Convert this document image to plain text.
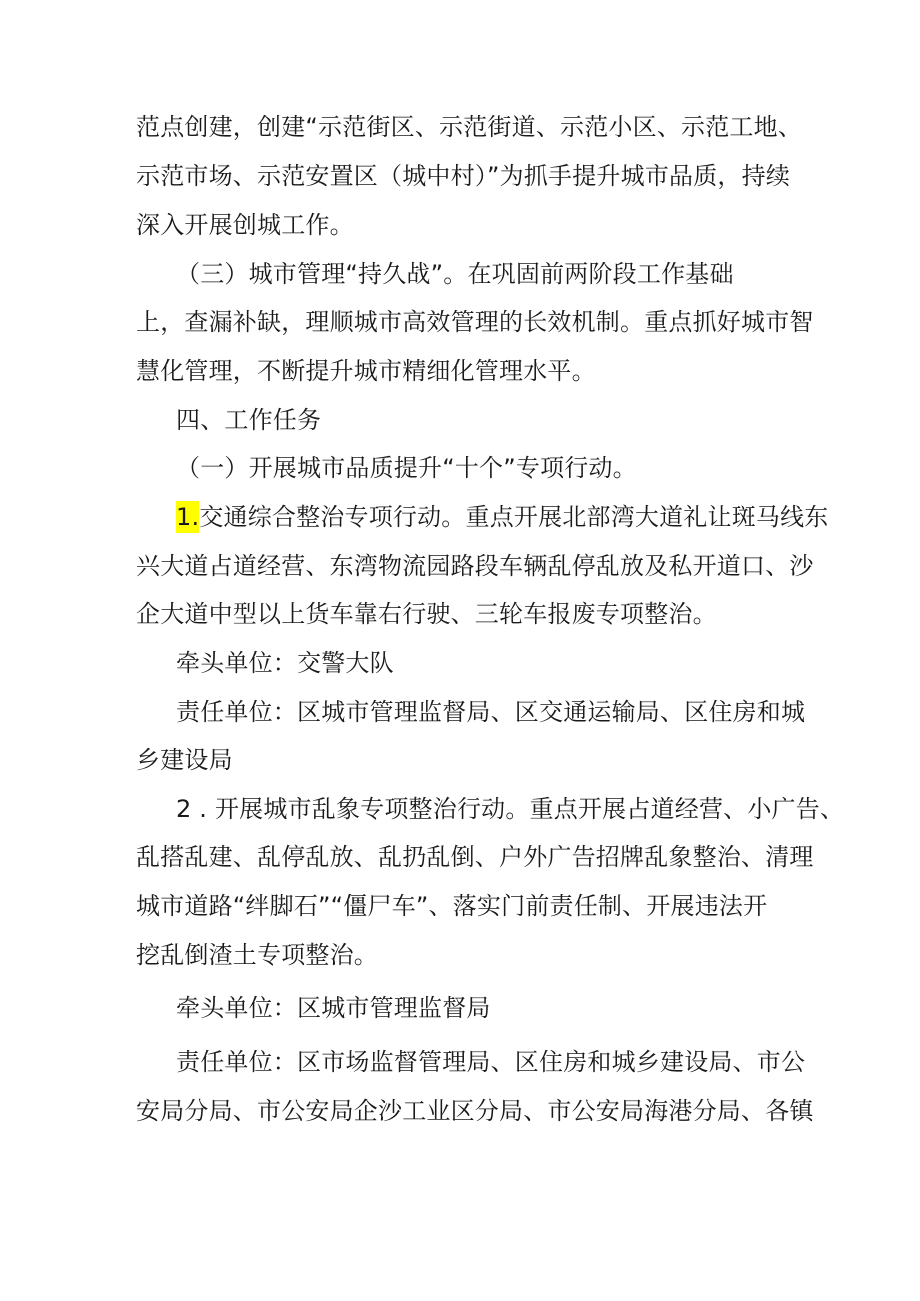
范点创建，创建“示范街区、示范街道、示范小区、示范工地、
示范市场、示范安置区（城中村）”为抓手提升城市品质，持续
深入开展创城工作。
（三）城市管理“持久战”。在巩固前两阶段工作基础
上，查漏补缺，理顺城市高效管理的长效机制。重点抓好城市智
慧化管理，不断提升城市精细化管理水平。
四、工作任务
（一）开展城市品质提升“十个”专项行动。
1.交通综合整治专项行动。重点开展北部湾大道礼让斑马线东
兴大道占道经营、东湾物流园路段车辆乱停乱放及私开道口、沙
企大道中型以上货车靠右行驶、三轮车报废专项整治。
牵头单位：交警大队
责任单位：区城市管理监督局、区交通运输局、区住房和城
乡建设局
2 . 开展城市乱象专项整治行动。重点开展占道经营、小广告、
乱搭乱建、乱停乱放、乱扔乱倒、户外广告招牌乱象整治、清理
城市道路“绊脚石”“僵尸车”、落实门前责任制、开展违法开
挖乱倒渣土专项整治。
牵头单位：区城市管理监督局
责任单位：区市场监督管理局、区住房和城乡建设局、市公
安局分局、市公安局企沙工业区分局、市公安局海港分局、各镇
